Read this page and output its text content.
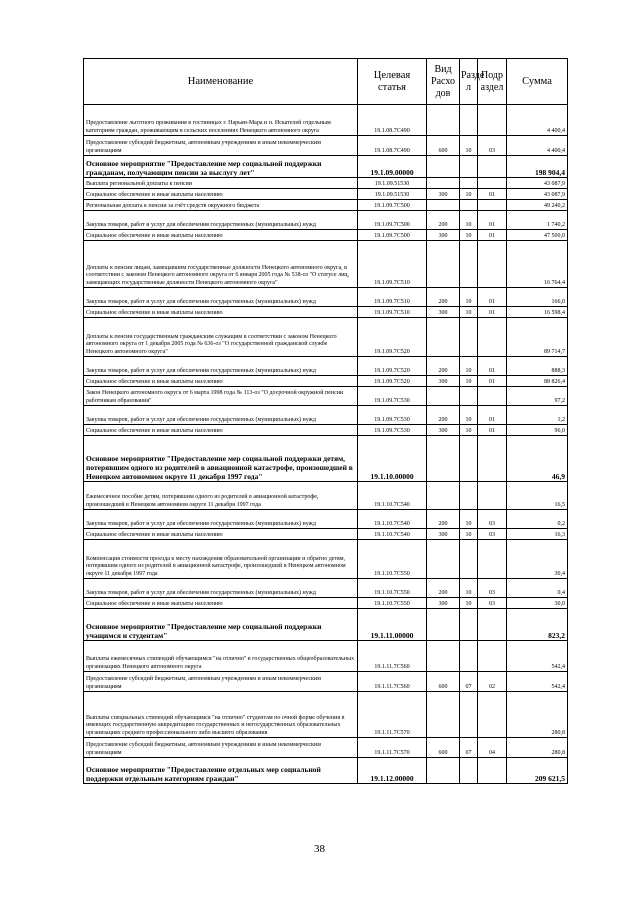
Наименование	Целевая статья	Вид Расхо дов	Разде л	Подр аздел	Сумма
Предоставление льготного проживания в гостиницах г. Нарьян-Мара и п. Искателей отдельным категориям граждан, проживающим в сельских поселениях Ненецкого автономного округа	19.1.08.7С490				4 400,4
Предоставление субсидий бюджетным, автономным учреждениям и иным некоммерческим организациям	19.1.08.7С490	600	10	03	4 400,4
Основное мероприятие "Предоставление мер социальной поддержки гражданам, получающим пенсии за выслугу лет"	19.1.09.00000				198 904,4
Выплата региональной доплаты к пенсии	19.1.09.51530				43 087,9
Социальное обеспечение и иные выплаты населению	19.1.09.51530	300	10	01	43 087,9
Региональная доплата к пенсии за счёт средств окружного бюджета	19.1.09.7С500				49 240,2
Закупка товаров, работ и услуг для обеспечения государственных (муниципальных) нужд	19.1.09.7С500	200	10	01	1 740,2
Социальное обеспечение и иные выплаты населению	19.1.09.7С500	300	10	01	47 500,0
Доплаты к пенсии лицам, замещавшим государственные должности Ненецкого автономного округа, в соответствии с законом Ненецкого автономного округа от 6 января 2005 года № 538-оз "О статусе лиц, замещающих государственные должности Ненецкого автономного округа"	19.1.09.7С510				16 764,4
Закупка товаров, работ и услуг для обеспечения государственных (муниципальных) нужд	19.1.09.7С510	200	10	01	166,0
Социальное обеспечение и иные выплаты населению	19.1.09.7С510	300	10	01	16 598,4
Доплаты к пенсии государственным гражданским служащим в соответствии с законом Ненецкого автономного округа от 1 декабря 2005 года № 636-оз "О государственной гражданской службе Ненецкого автономного округа"	19.1.09.7С520				89 714,7
Закупка товаров, работ и услуг для обеспечения государственных (муниципальных) нужд	19.1.09.7С520	200	10	01	888,3
Социальное обеспечение и иные выплаты населению	19.1.09.7С520	300	10	01	88 826,4
Закон Ненецкого автономного округа от 6 марта 1998 года № 113-оз "О досрочной окружной пенсии работникам образования"	19.1.09.7С530				97,2
Закупка товаров, работ и услуг для обеспечения государственных (муниципальных) нужд	19.1.09.7С530	200	10	01	1,2
Социальное обеспечение и иные выплаты населению	19.1.09.7С530	300	10	01	96,0
Основное мероприятие "Предоставление мер социальной поддержки детям, потерявшим одного из родителей в авиационной катастрофе, произошедшей в Ненецком автономном округе 11 декабря 1997 года"	19.1.10.00000				46,9
Ежемесячное пособие детям, потерявшим одного из родителей в авиационной катастрофе, произошедшей в Ненецком автономном округе 11 декабря 1997 года	19.1.10.7С540				16,5
Закупка товаров, работ и услуг для обеспечения государственных (муниципальных) нужд	19.1.10.7С540	200	10	03	0,2
Социальное обеспечение и иные выплаты населению	19.1.10.7С540	300	10	03	16,3
Компенсация стоимости проезда к месту нахождения образовательной организации и обратно детям, потерявшим одного из родителей в авиационной катастрофе, произошедшей в Ненецком автономном округе 11 декабря 1997 года	19.1.10.7С550				30,4
Закупка товаров, работ и услуг для обеспечения государственных (муниципальных) нужд	19.1.10.7С550	200	10	03	0,4
Социальное обеспечение и иные выплаты населению	19.1.10.7С550	300	10	03	30,0
Основное мероприятие "Предоставление мер социальной поддержки учащимся и студентам"	19.1.11.00000				823,2
Выплаты ежемесячных стипендий обучающимся "на отлично" в государственных общеобразовательных организациях Ненецкого автономного округа	19.1.11.7С560				542,4
Предоставление субсидий бюджетным, автономным учреждениям и иным некоммерческим организациям	19.1.11.7С560	600	07	02	542,4
Выплаты специальных стипендий обучающимся "на отлично" студентам по очной форме обучения в имеющих государственную аккредитацию государственных и негосударственных образовательных организациях среднего профессионального либо высшего образования	19.1.11.7С570				280,8
Предоставление субсидий бюджетным, автономным учреждениям и иным некоммерческим организациям	19.1.11.7С570	600	07	04	280,8
Основное мероприятие "Предоставление отдельных мер социальной поддержки отдельным категориям граждан"	19.1.12.00000				209 621,5
38
